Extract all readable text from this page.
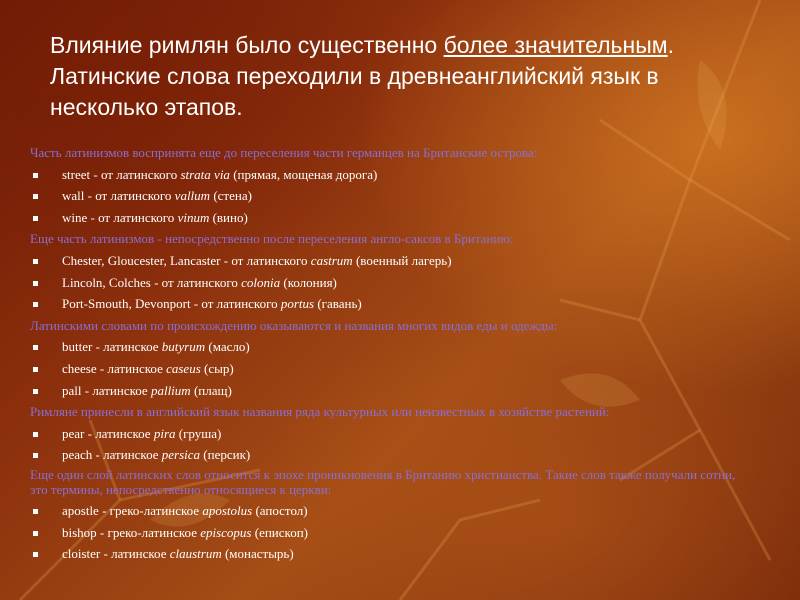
Влияние римлян было существенно более значительным. Латинские слова переходили в древнеанглийский язык в несколько этапов.

Часть латинизмов воспринята еще до переселения части германцев на Британские острова:

street - от латинского strata via (прямая, мощеная дорога)

wall - от латинского vallum (стена)

wine - от латинского vinum (вино)

Еще часть латинизмов - непосредственно после переселения англо-саксов в Британию:

Chester, Gloucester, Lancaster - от латинского castrum (военный лагерь)

Lincoln, Colches - от латинского colonia (колония)

Port-Smouth, Devonport - от латинского portus (гавань)

Латинскими словами по происхождению оказываются и названия многих видов еды и одежды:

butter - латинское butyrum (масло)

cheese - латинское caseus (сыр)

pall - латинское pallium (плащ)

Римляне принесли в английский язык названия ряда культурных или неизвестных в хозяйстве растений:

pear - латинское pira (груша)

peach - латинское persica (персик)

Еще один слой латинских слов относится к эпохе проникновения в Британию христианства. Такие слов также получали сотни, это термины, непосредственно относящиеся к церкви:

apostle - греко-латинское apostolus (апостол)

bishop - греко-латинское episcopus (епископ)

cloister - латинское claustrum (монастырь)
